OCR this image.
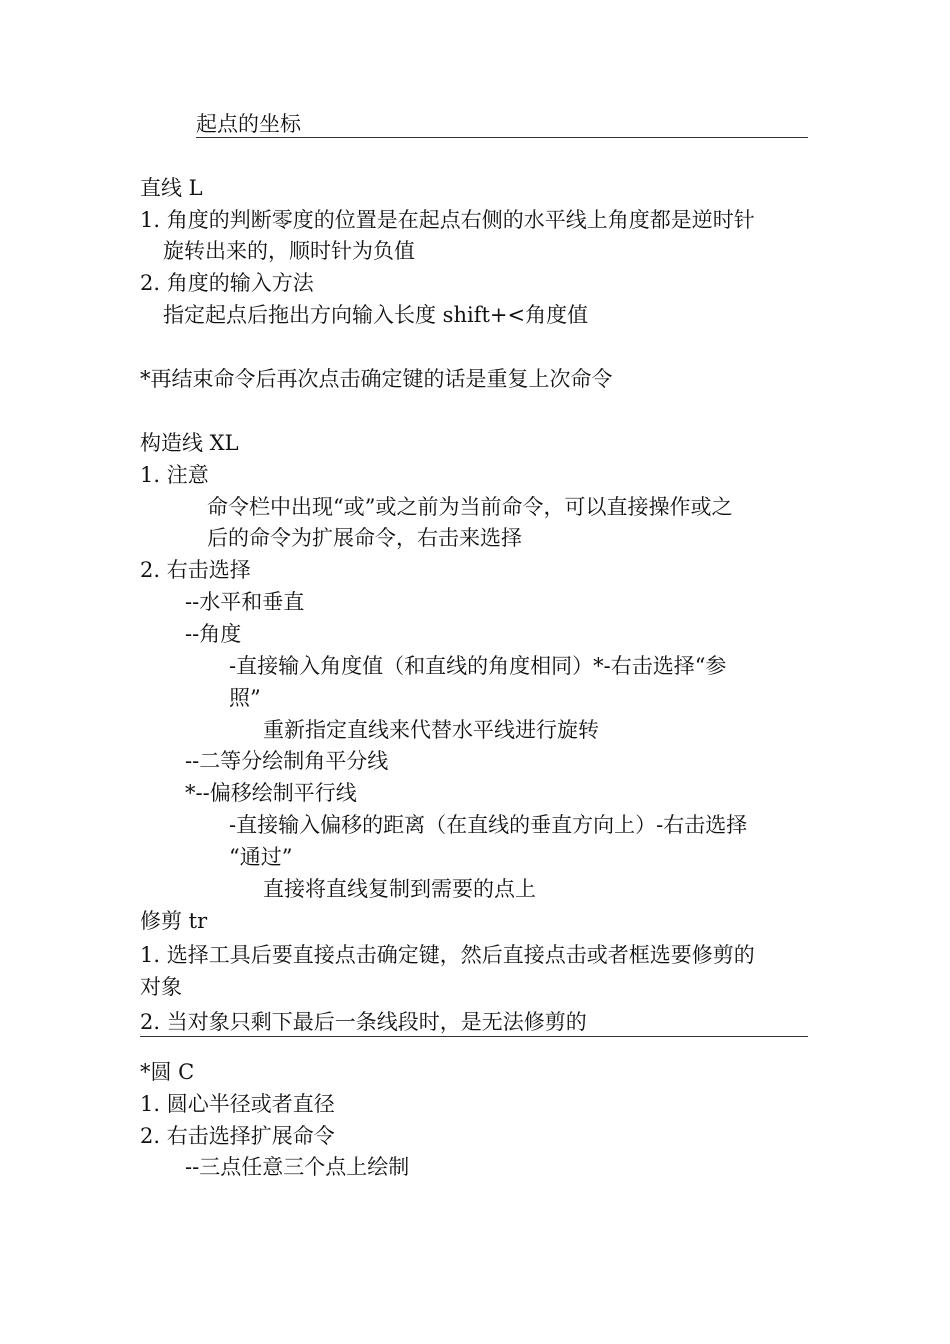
起点的坐标
直线 L
1. 角度的判断零度的位置是在起点右侧的水平线上角度都是逆时针
旋转出来的，顺时针为负值
2. 角度的输入方法
指定起点后拖出方向输入长度 shift+<角度值
*再结束命令后再次点击确定键的话是重复上次命令
构造线 XL
1. 注意
命令栏中出现“或”或之前为当前命令，可以直接操作或之
后的命令为扩展命令，右击来选择
2. 右击选择
--水平和垂直
--角度
-直接输入角度值（和直线的角度相同）*-右击选择“参
照”
重新指定直线来代替水平线进行旋转
--二等分绘制角平分线
*--偏移绘制平行线
-直接输入偏移的距离（在直线的垂直方向上）-右击选择
“通过”
直接将直线复制到需要的点上
修剪 tr
1. 选择工具后要直接点击确定键，然后直接点击或者框选要修剪的
对象
2. 当对象只剩下最后一条线段时，是无法修剪的
*圆 C
1. 圆心半径或者直径
2. 右击选择扩展命令
--三点任意三个点上绘制
